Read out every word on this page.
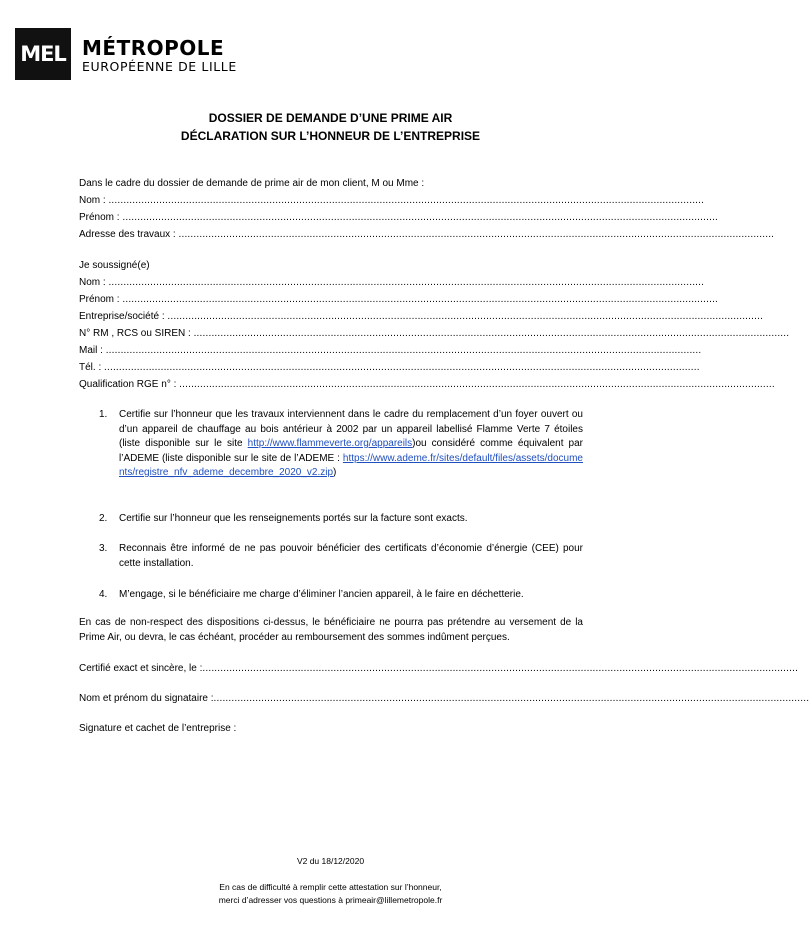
MEL MÉTROPOLE
EUROPÉENNE DE LILLE
DOSSIER DE DEMANDE D’UNE PRIME AIR
DÉCLARATION SUR L’HONNEUR DE L’ENTREPRISE
Dans le cadre du dossier de demande de prime air de mon client, M ou Mme :
Nom : ........................................................................................................................................................................................................
Prénom : ........................................................................................................................................................................................................
Adresse des travaux : ........................................................................................................................................................................................................
Je soussigné(e)
Nom : ........................................................................................................................................................................................................
Prénom : ........................................................................................................................................................................................................
Entreprise/société : ........................................................................................................................................................................................................
N° RM , RCS ou SIREN : ........................................................................................................................................................................................................
Mail : ........................................................................................................................................................................................................
Tél. : ........................................................................................................................................................................................................
Qualification RGE n° : ........................................................................................................................................................................................................
1. Certifie sur l’honneur que les travaux interviennent dans le cadre du remplacement d’un foyer ouvert ou d’un appareil de chauffage au bois antérieur à 2002 par un appareil labellisé Flamme Verte 7 étoiles (liste disponible sur le site http://www.flammeverte.org/appareils)ou considéré comme équivalent par l’ADEME (liste disponible sur le site de l’ADEME : https://www.ademe.fr/sites/default/files/assets/documents/registre_nfv_ademe_decembre_2020_v2.zip)
2. Certifie sur l’honneur que les renseignements portés sur la facture sont exacts.
3. Reconnais être informé de ne pas pouvoir bénéficier des certificats d’économie d’énergie (CEE) pour cette installation.
4. M’engage, si le bénéficiaire me charge d’éliminer l’ancien appareil, à le faire en déchetterie.
En cas de non-respect des dispositions ci-dessus, le bénéficiaire ne pourra pas prétendre au versement de la Prime Air, ou devra, le cas échéant, procéder au remboursement des sommes indûment perçues.
Certifié exact et sincère, le :........................................................................................................................................................................................................
Nom et prénom du signataire :........................................................................................................................................................................................................
Signature et cachet de l’entreprise :
V2 du 18/12/2020
En cas de difficulté à remplir cette attestation sur l’honneur,
merci d’adresser vos questions à primeair@lillemetropole.fr
